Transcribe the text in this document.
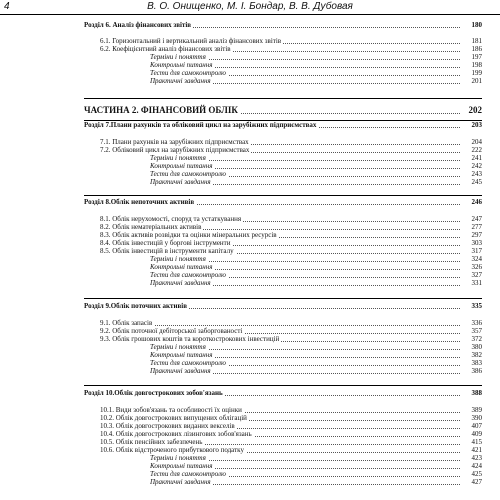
4	В. О. Онищенко, М. І. Бондар, В. В. Дубовая
Розділ 6. Аналіз фінансових звітів	180
6.1. Горизонтальний і вертикальний аналіз фінансових звітів	181
6.2. Коефіцієнтний аналіз фінансових звітів	186
Терміни і поняття	197
Контрольні питання	198
Тести для самоконтролю	199
Практичні завдання	201
ЧАСТИНА 2. ФІНАНСОВИЙ ОБЛІК	202
Розділ 7.Плани рахунків та обліковий цикл на зарубіжних підприємствах	203
7.1. Плани рахунків на зарубіжних підприємствах	204
7.2. Обліковий цикл на зарубіжних підприємствах	222
Терміни і поняття	241
Контрольні питання	242
Тести для самоконтролю	243
Практичні завдання	245
Розділ 8.Облік непоточних активів	246
8.1. Облік нерухомості, споруд та устаткування	247
8.2. Облік нематеріальних активів	277
8.3. Облік активів розвідки та оцінки мінеральних ресурсів	297
8.4. Облік інвестицій у боргові інструменти	303
8.5. Облік інвестицій в інструменти капіталу	317
Терміни і поняття	324
Контрольні питання	326
Тести для самоконтролю	327
Практичні завдання	331
Розділ 9.Облік поточних активів	335
9.1. Облік запасів	336
9.2. Облік поточної дебіторської заборгованості	357
9.3. Облік грошових коштів та короткострокових інвестицій	372
Терміни і поняття	380
Контрольні питання	382
Тести для самоконтролю	383
Практичні завдання	386
Розділ 10.Облік довгострокових зобов'язань	388
10.1. Види зобов'язань та особливості їх оцінки	389
10.2. Облік довгострокових випущених облігацій	390
10.3. Облік довгострокових виданих векселів	407
10.4. Облік довгострокових лізингових зобов'язань	409
10.5. Облік пенсійних забезпечень	415
10.6. Облік відстроченого прибуткового податку	421
Терміни і поняття	423
Контрольні питання	424
Тести для самоконтролю	425
Практичні завдання	427
